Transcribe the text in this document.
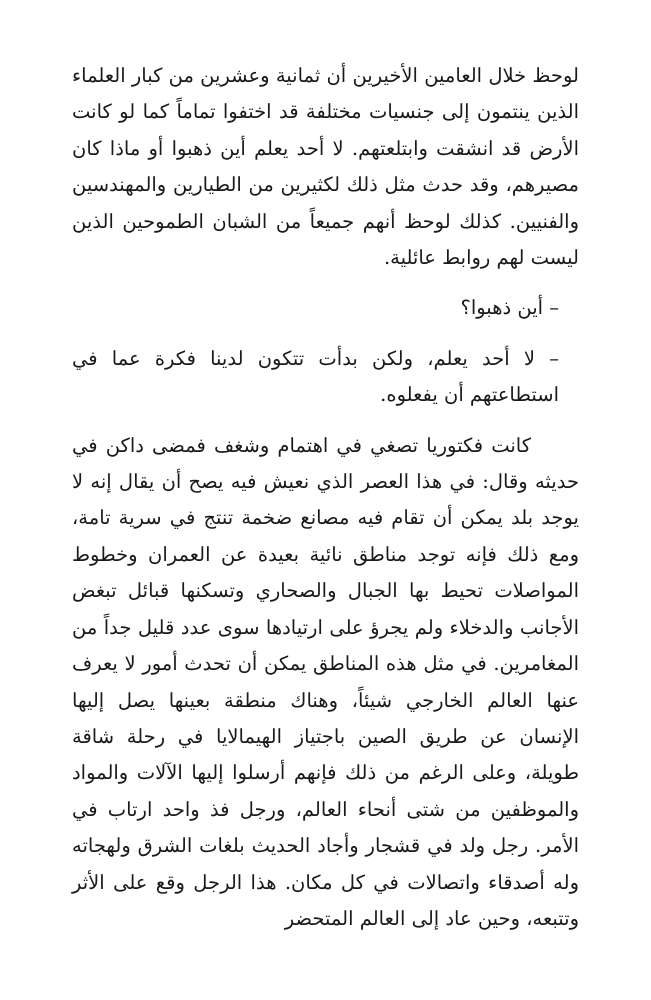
لوحظ خلال العامين الأخيرين أن ثمانية وعشرين من كبار العلماء الذين ينتمون إلى جنسيات مختلفة قد اختفوا تماماً كما لو كانت الأرض قد انشقت وابتلعتهم. لا أحد يعلم أين ذهبوا أو ماذا كان مصيرهم، وقد حدث مثل ذلك لكثيرين من الطيارين والمهندسين والفنيين. كذلك لوحظ أنهم جميعاً من الشبان الطموحين الذين ليست لهم روابط عائلية.

– أين ذهبوا؟

– لا أحد يعلم، ولكن بدأت تتكون لدينا فكرة عما في استطاعتهم أن يفعلوه.

كانت فكتوريا تصغي في اهتمام وشغف فمضى داكن في حديثه وقال: في هذا العصر الذي نعيش فيه يصح أن يقال إنه لا يوجد بلد يمكن أن تقام فيه مصانع ضخمة تنتج في سرية تامة، ومع ذلك فإنه توجد مناطق نائية بعيدة عن العمران وخطوط المواصلات تحيط بها الجبال والصحاري وتسكنها قبائل تبغض الأجانب والدخلاء ولم يجرؤ على ارتيادها سوى عدد قليل جداً من المغامرين. في مثل هذه المناطق يمكن أن تحدث أمور لا يعرف عنها العالم الخارجي شيئاً، وهناك منطقة بعينها يصل إليها الإنسان عن طريق الصين باجتياز الهيمالايا في رحلة شاقة طويلة، وعلى الرغم من ذلك فإنهم أرسلوا إليها الآلات والمواد والموظفين من شتى أنحاء العالم، ورجل فذ واحد ارتاب في الأمر. رجل ولد في قشجار وأجاد الحديث بلغات الشرق ولهجاته وله أصدقاء واتصالات في كل مكان. هذا الرجل وقع على الأثر وتتبعه، وحين عاد إلى العالم المتحضر
